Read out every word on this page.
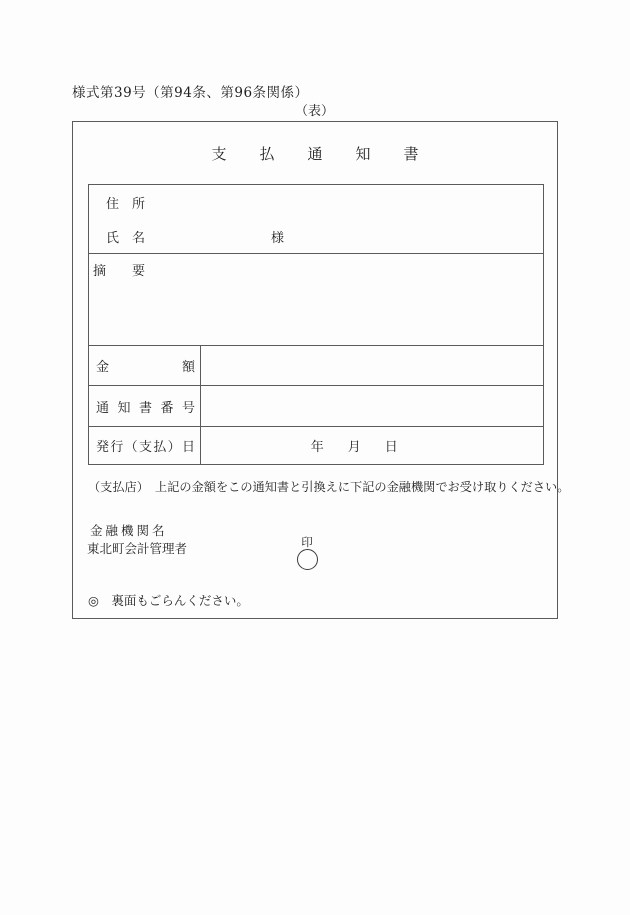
様式第39号（第94条、第96条関係）
（表）
支払通知書
住　所
氏　名	様
摘要
金額
通知書番号
発行（支払）日	年　月　日
（支払店）　上記の金額をこの通知書と引換えに下記の金融機関でお受け取りください。
金融機関名
東北町会計管理者	印
◎　裏面もごらんください。
